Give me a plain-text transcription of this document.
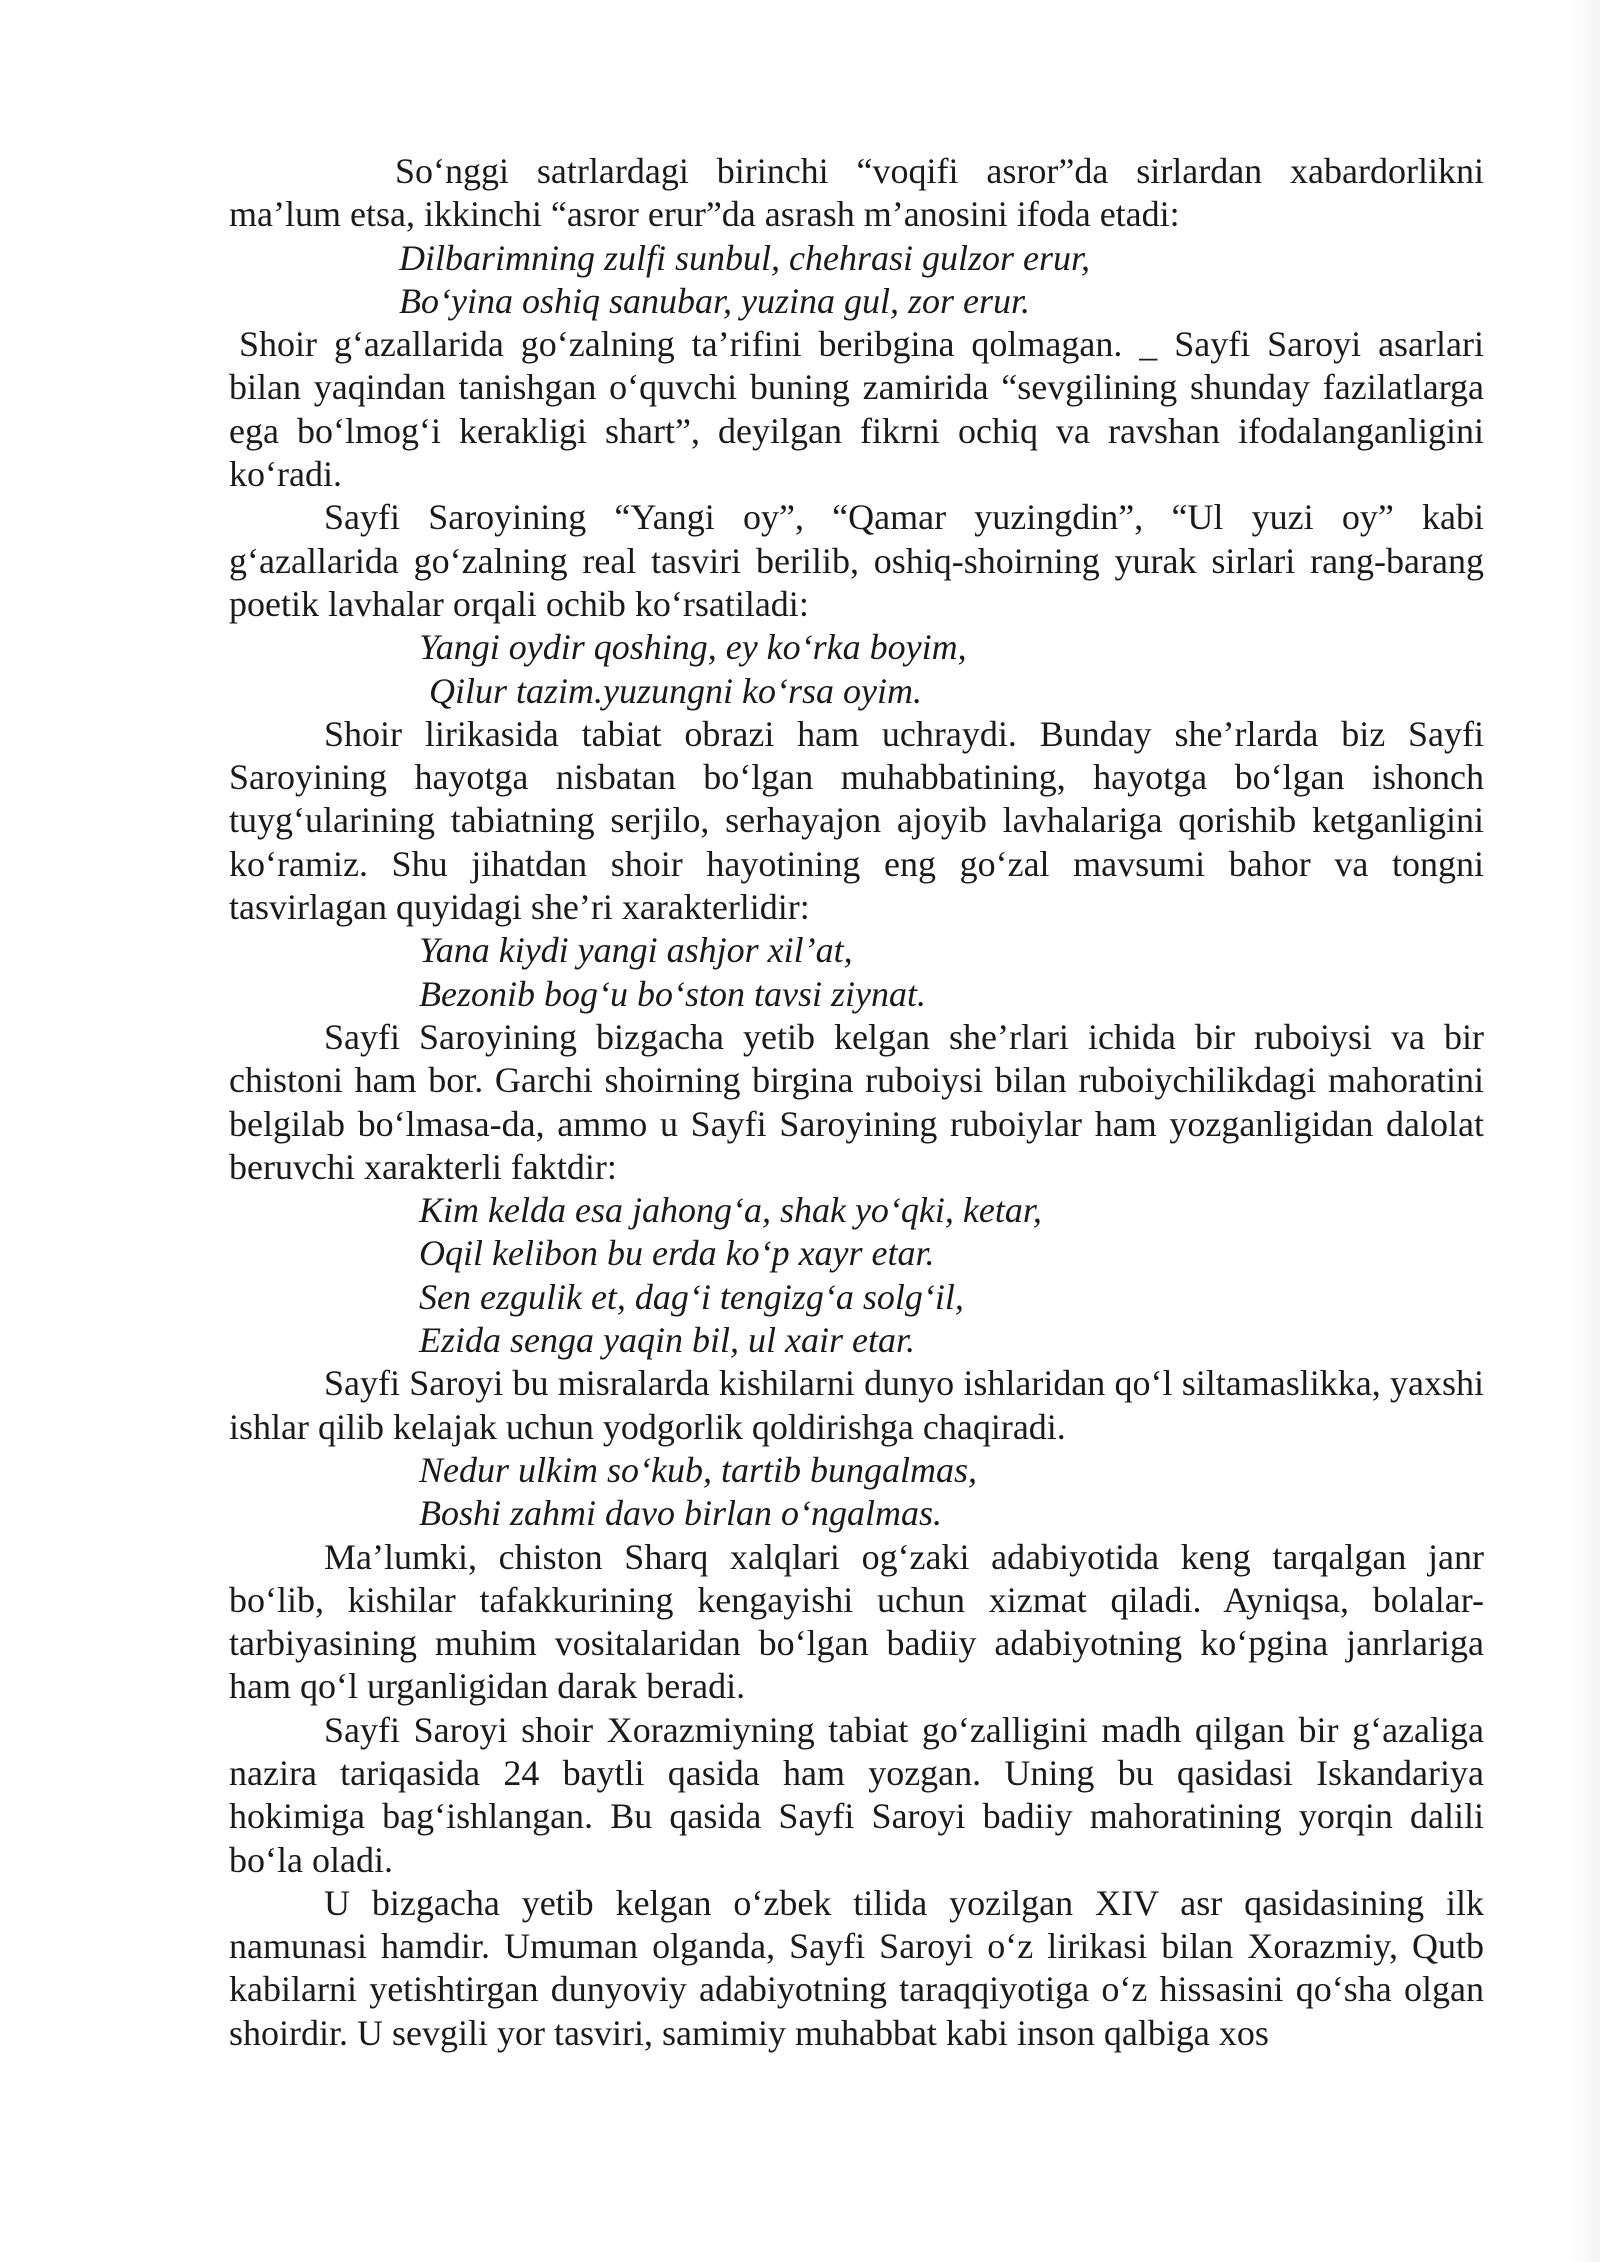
So‘nggi satrlardagi birinchi “voqifi asror”da sirlardan xabardorlikni ma’lum etsa, ikkinchi “asror erur”da asrash m’anosini ifoda etadi:

Dilbarimning zulfi sunbul, chehrasi gulzor erur,

Bo‘yina oshiq sanubar, yuzina gul, zor erur.

Shoir g‘azallarida go‘zalning ta’rifini beribgina qolmagan. _ Sayfi Saroyi asarlari bilan yaqindan tanishgan o‘quvchi buning zamirida “sevgilining shunday fazilatlarga ega bo‘lmog‘i kerakligi shart”, deyilgan fikrni ochiq va ravshan ifodalanganligini ko‘radi.

Sayfi Saroyining “Yangi oy”, “Qamar yuzingdin”, “Ul yuzi oy” kabi g‘azallarida go‘zalning real tasviri berilib, oshiq-shoirning yurak sirlari rang-barang poetik lavhalar orqali ochib ko‘rsatiladi:

Yangi oydir qoshing, ey ko‘rka boyim,

Qilur tazim.yuzungni ko‘rsa oyim.

Shoir lirikasida tabiat obrazi ham uchraydi. Bunday she’rlarda biz Sayfi Saroyining hayotga nisbatan bo‘lgan muhabbatining, hayotga bo‘lgan ishonch tuyg‘ularining tabiatning serjilo, serhayajon ajoyib lavhalariga qorishib ketganligini ko‘ramiz. Shu jihatdan shoir hayotining eng go‘zal mavsumi bahor va tongni tasvirlagan quyidagi she’ri xarakterlidir:

Yana kiydi yangi ashjor xil’at,

Bezonib bog‘u bo‘ston tavsi ziynat.

Sayfi Saroyining bizgacha yetib kelgan she’rlari ichida bir ruboiysi va bir chistoni ham bor. Garchi shoirning birgina ruboiysi bilan ruboiychilikdagi mahoratini belgilab bo‘lmasa-da, ammo u Sayfi Saroyining ruboiylar ham yozganligidan dalolat beruvchi xarakterli faktdir:

Kim kelda esa jahong‘a, shak yo‘qki, ketar,

Oqil kelibon bu erda ko‘p xayr etar.

Sen ezgulik et, dag‘i tengizg‘a solg‘il,

Ezida senga yaqin bil, ul xair etar.

Sayfi Saroyi bu misralarda kishilarni dunyo ishlaridan qo‘l siltamaslikka, yaxshi ishlar qilib kelajak uchun yodgorlik qoldirishga chaqiradi.

Nedur ulkim so‘kub, tartib bungalmas,

Boshi zahmi davo birlan o‘ngalmas.

Ma’lumki, chiston Sharq xalqlari og‘zaki adabiyotida keng tarqalgan janr bo‘lib, kishilar tafakkurining kengayishi uchun xizmat qiladi. Ayniqsa, bolalar-tarbiyasining muhim vositalaridan bo‘lgan badiiy adabiyotning ko‘pgina janrlariga ham qo‘l urganligidan darak beradi.

Sayfi Saroyi shoir Xorazmiyning tabiat go‘zalligini madh qilgan bir g‘azaliga nazira tariqasida 24 baytli qasida ham yozgan. Uning bu qasidasi Iskandariya hokimiga bag‘ishlangan. Bu qasida Sayfi Saroyi badiiy mahoratining yorqin dalili bo‘la oladi.

U bizgacha yetib kelgan o‘zbek tilida yozilgan XIV asr qasidasining ilk namunasi hamdir. Umuman olganda, Sayfi Saroyi o‘z lirikasi bilan Xorazmiy, Qutb kabilarni yetishtirgan dunyoviy adabiyotning taraqqiyotiga o‘z hissasini qo‘sha olgan shoirdir. U sevgili yor tasviri, samimiy muhabbat kabi inson qalbiga xos
